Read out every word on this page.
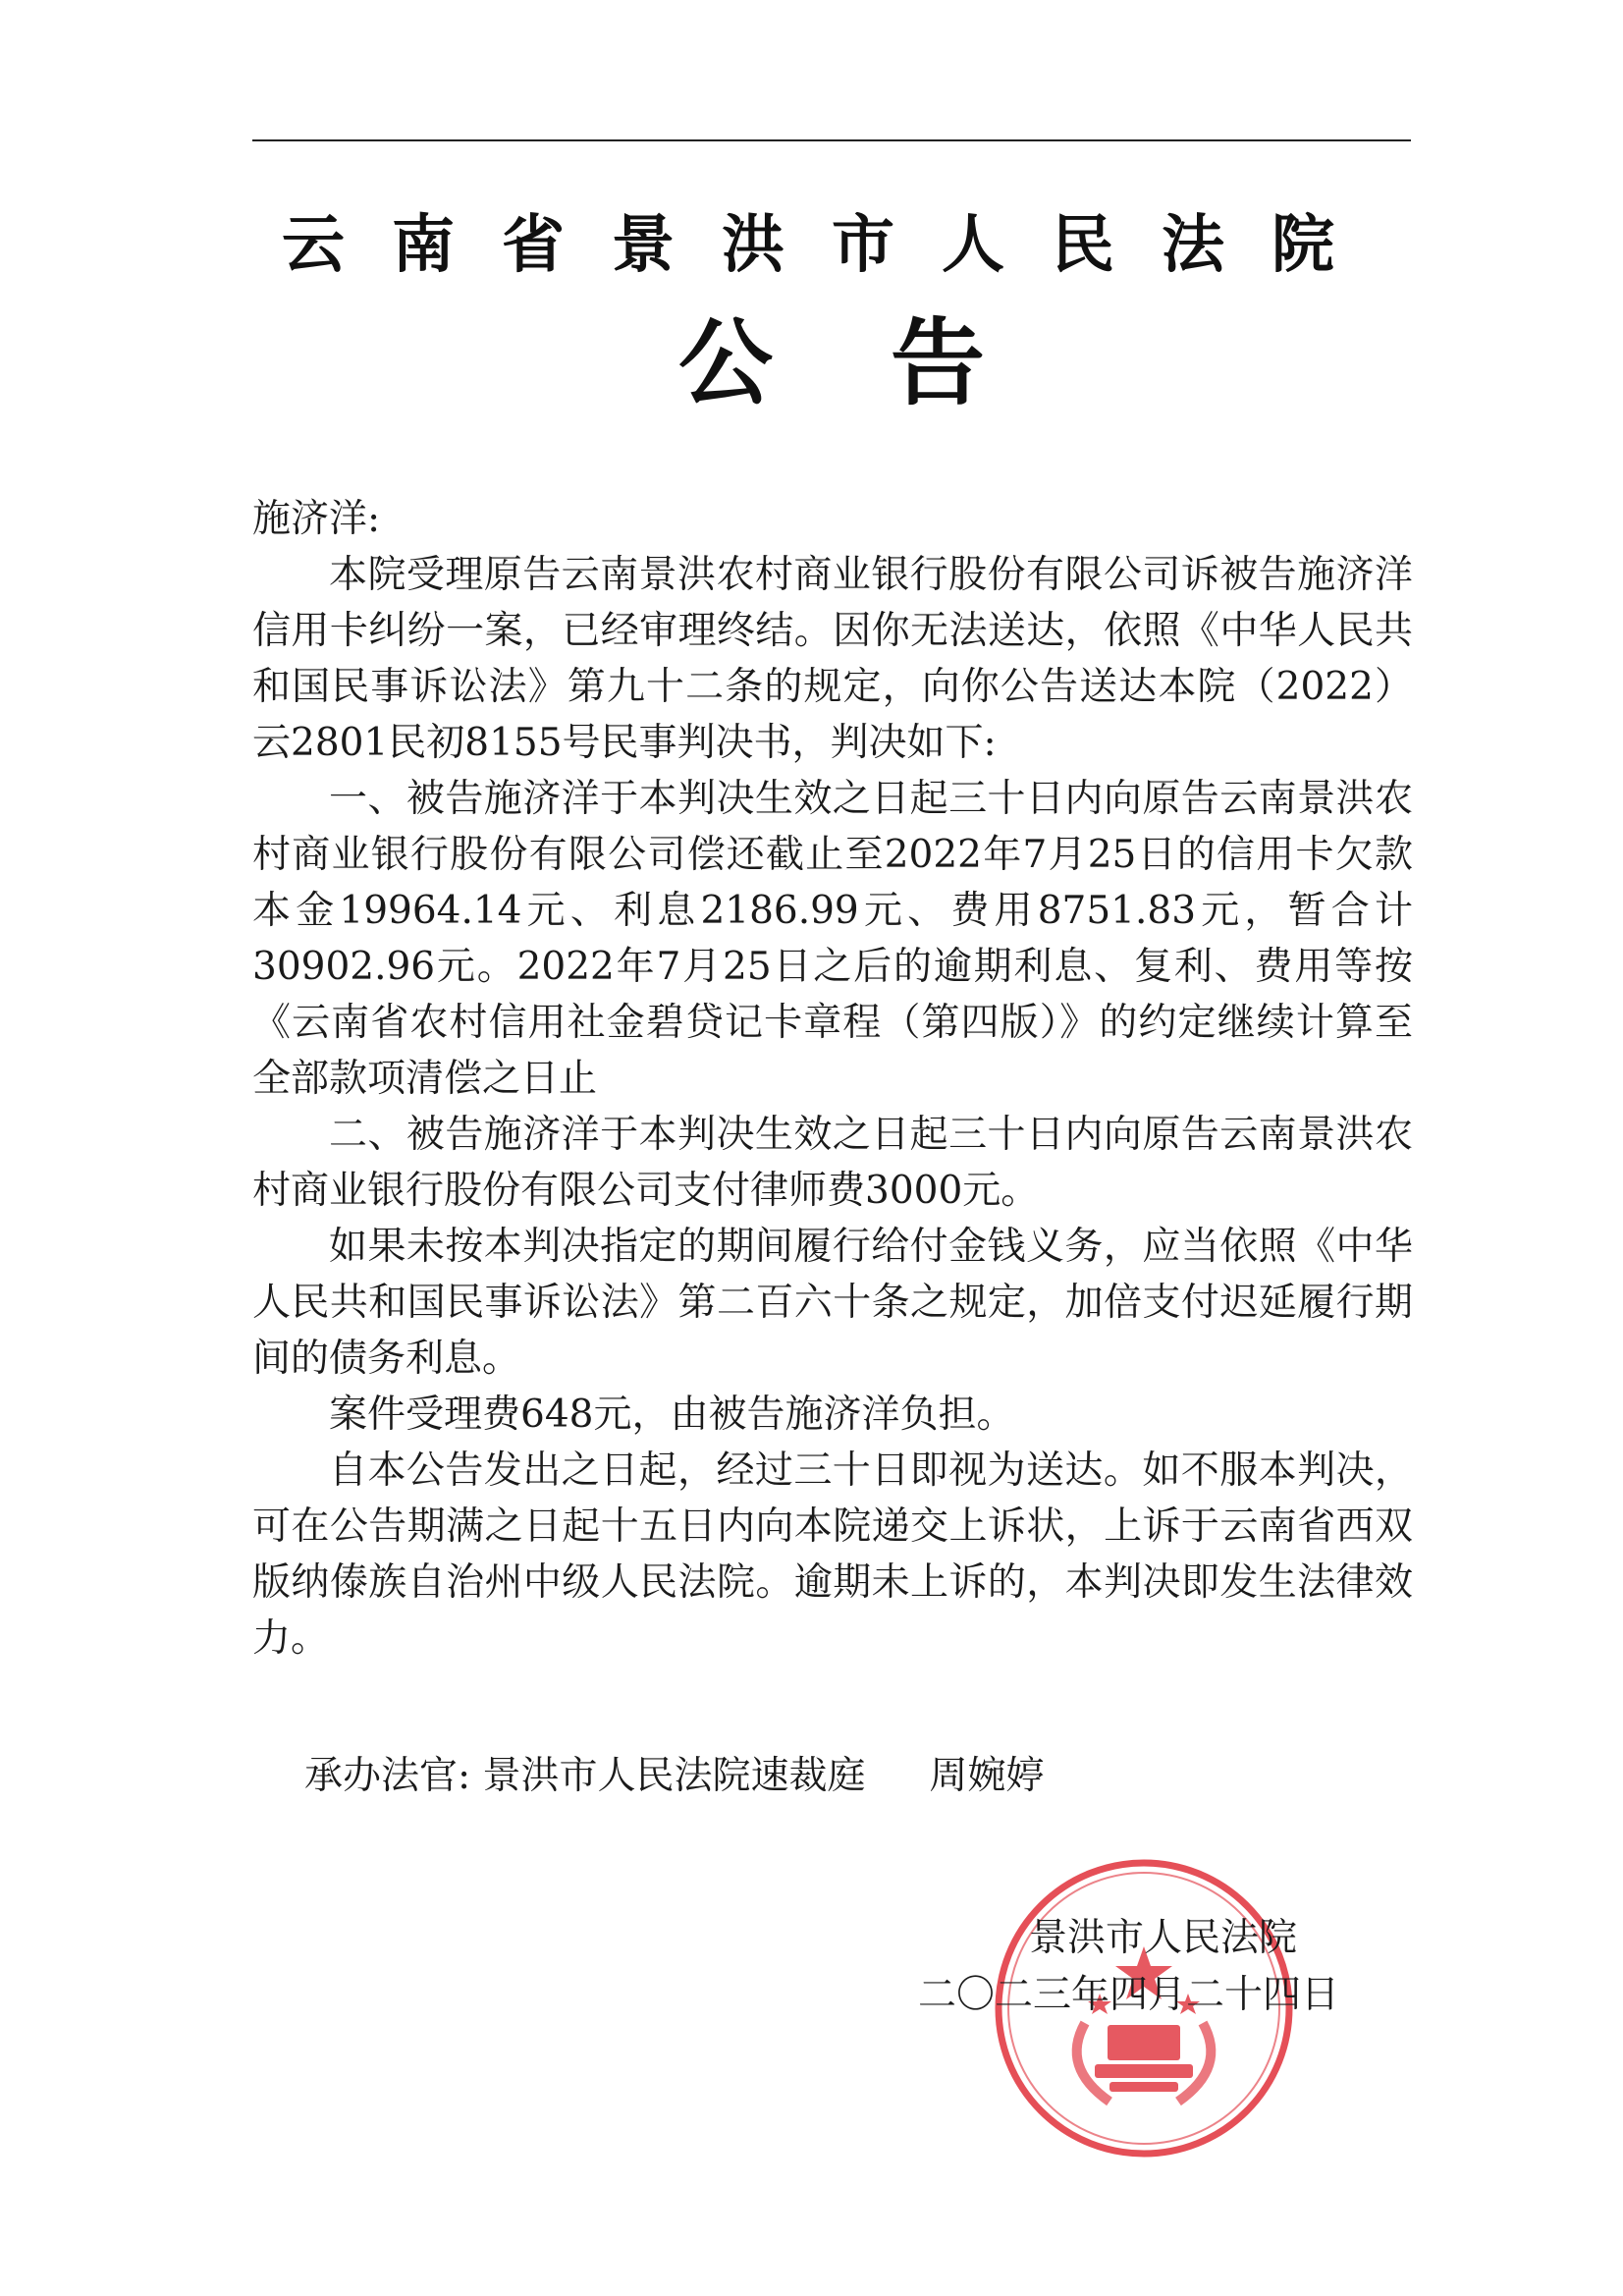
云南省景洪市人民法院
公告

施济洋:

本院受理原告云南景洪农村商业银行股份有限公司诉被告施济洋信用卡纠纷一案，已经审理终结。因你无法送达，依照《中华人民共和国民事诉讼法》第九十二条的规定，向你公告送达本院（2022）云2801民初8155号民事判决书，判决如下:

一、被告施济洋于本判决生效之日起三十日内向原告云南景洪农村商业银行股份有限公司偿还截止至2022年7月25日的信用卡欠款本金19964.14元、利息2186.99元、费用8751.83元，暂合计30902.96元。2022年7月25日之后的逾期利息、复利、费用等按《云南省农村信用社金碧贷记卡章程（第四版）》的约定继续计算至全部款项清偿之日止

二、被告施济洋于本判决生效之日起三十日内向原告云南景洪农村商业银行股份有限公司支付律师费3000元。

如果未按本判决指定的期间履行给付金钱义务，应当依照《中华人民共和国民事诉讼法》第二百六十条之规定，加倍支付迟延履行期间的债务利息。

案件受理费648元，由被告施济洋负担。

自本公告发出之日起，经过三十日即视为送达。如不服本判决，可在公告期满之日起十五日内向本院递交上诉状，上诉于云南省西双版纳傣族自治州中级人民法院。逾期未上诉的，本判决即发生法律效力。

承办法官: 景洪市人民法院速裁庭 周婉婷
景洪市人民法院
二〇二三年四月二十四日
